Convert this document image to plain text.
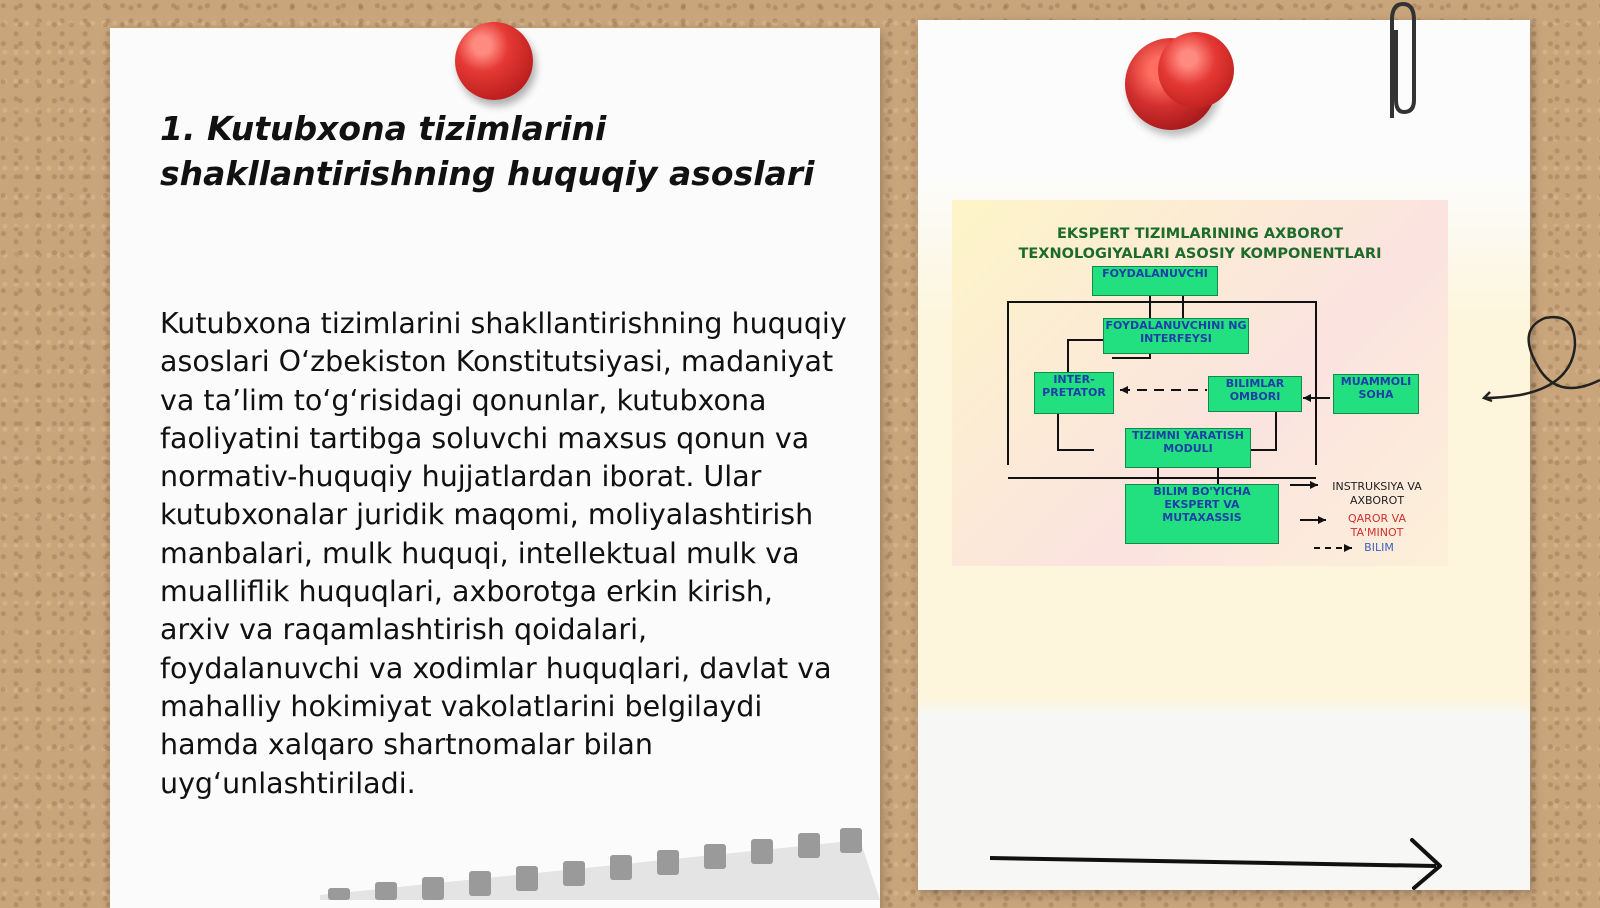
1. Kutubxona tizimlarini shakllantirishning huquqiy asoslari

Kutubxona tizimlarini shakllantirishning huquqiy asoslari O‘zbekiston Konstitutsiyasi, madaniyat va ta’lim to‘g‘risidagi qonunlar, kutubxona faoliyatini tartibga soluvchi maxsus qonun va normativ-huquqiy hujjatlardan iborat. Ular kutubxonalar juridik maqomi, moliyalashtirish manbalari, mulk huquqi, intellektual mulk va mualliflik huquqlari, axborotga erkin kirish, arxiv va raqamlashtirish qoidalari, foydalanuvchi va xodimlar huquqlari, davlat va mahalliy hokimiyat vakolatlarini belgilaydi hamda xalqaro shartnomalar bilan uyg‘unlashtiriladi.

EKSPERT TIZIMLARINING AXBOROT
TEXNOLOGIYALARI ASOSIY KOMPONENTLARI
FOYDALANUVCHI
FOYDALANUVCHINI NG INTERFEYSI
INTER-PRETATOR
BILIMLAR OMBORI
MUAMMOLI SOHA
TIZIMNI YARATISH MODULI
BILIM BO'YICHA EKSPERT VA MUTAXASSIS
INSTRUKSIYA VA AXBOROT
QAROR VA TA'MINOT
BILIM
